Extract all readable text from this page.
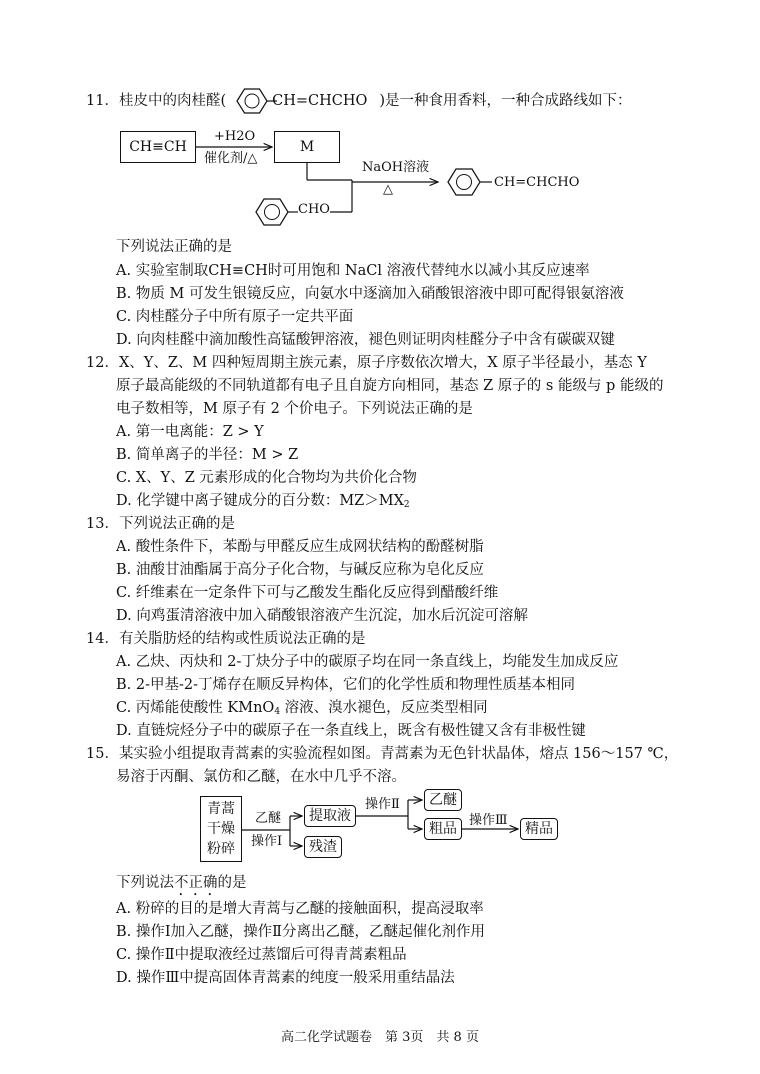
11．桂皮中的肉桂醛(	CH=CHCHO )是一种食用香料，一种合成路线如下：
CH≡CH
+H2O
催化剂/△
M
CHO
NaOH溶液
△	CH=CHCHO
下列说法正确的是
A. 实验室制取CH≡CH时可用饱和 NaCl 溶液代替纯水以减小其反应速率
B. 物质 M 可发生银镜反应，向氨水中逐滴加入硝酸银溶液中即可配得银氨溶液
C. 肉桂醛分子中所有原子一定共平面
D. 向肉桂醛中滴加酸性高锰酸钾溶液，褪色则证明肉桂醛分子中含有碳碳双键
12．X、Y、Z、M 四种短周期主族元素，原子序数依次增大，X 原子半径最小，基态 Y
原子最高能级的不同轨道都有电子且自旋方向相同，基态 Z 原子的 s 能级与 p 能级的
电子数相等，M 原子有 2 个价电子。下列说法正确的是
A. 第一电离能：Z > Y
B. 简单离子的半径：M > Z
C. X、Y、Z 元素形成的化合物均为共价化合物
D. 化学键中离子键成分的百分数：$MZ>MX_2$
13．下列说法正确的是
A. 酸性条件下，苯酚与甲醛反应生成网状结构的酚醛树脂
B. 油酸甘油酯属于高分子化合物，与碱反应称为皂化反应
C. 纤维素在一定条件下可与乙酸发生酯化反应得到醋酸纤维
D. 向鸡蛋清溶液中加入硝酸银溶液产生沉淀，加水后沉淀可溶解
14．有关脂肪烃的结构或性质说法正确的是
A. 乙炔、丙炔和 2-丁炔分子中的碳原子均在同一条直线上，均能发生加成反应
B. 2-甲基-2-丁烯存在顺反异构体，它们的化学性质和物理性质基本相同
C. 丙烯能使酸性 KMnO$_4$ 溶液、溴水褪色，反应类型相同
D. 直链烷烃分子中的碳原子在一条直线上，既含有极性键又含有非极性键
15．某实验小组提取青蒿素的实验流程如图。青蒿素为无色针状晶体，熔点 156～157 ℃，
易溶于丙酮、氯仿和乙醚，在水中几乎不溶。
青蒿
干燥
粉碎
乙醚
操作Ⅰ
提取液
残渣
操作Ⅱ	乙醚
粗品
操作Ⅲ
精品
下列说法不正确的是
A. 粉碎的目的是增大青蒿与乙醚的接触面积，提高浸取率
B. 操作Ⅰ加入乙醚，操作Ⅱ分离出乙醚，乙醚起催化剂作用
C. 操作Ⅱ中提取液经过蒸馏后可得青蒿素粗品
D. 操作Ⅲ中提高固体青蒿素的纯度一般采用重结晶法
高二化学试题卷　第 3页　共 8 页
